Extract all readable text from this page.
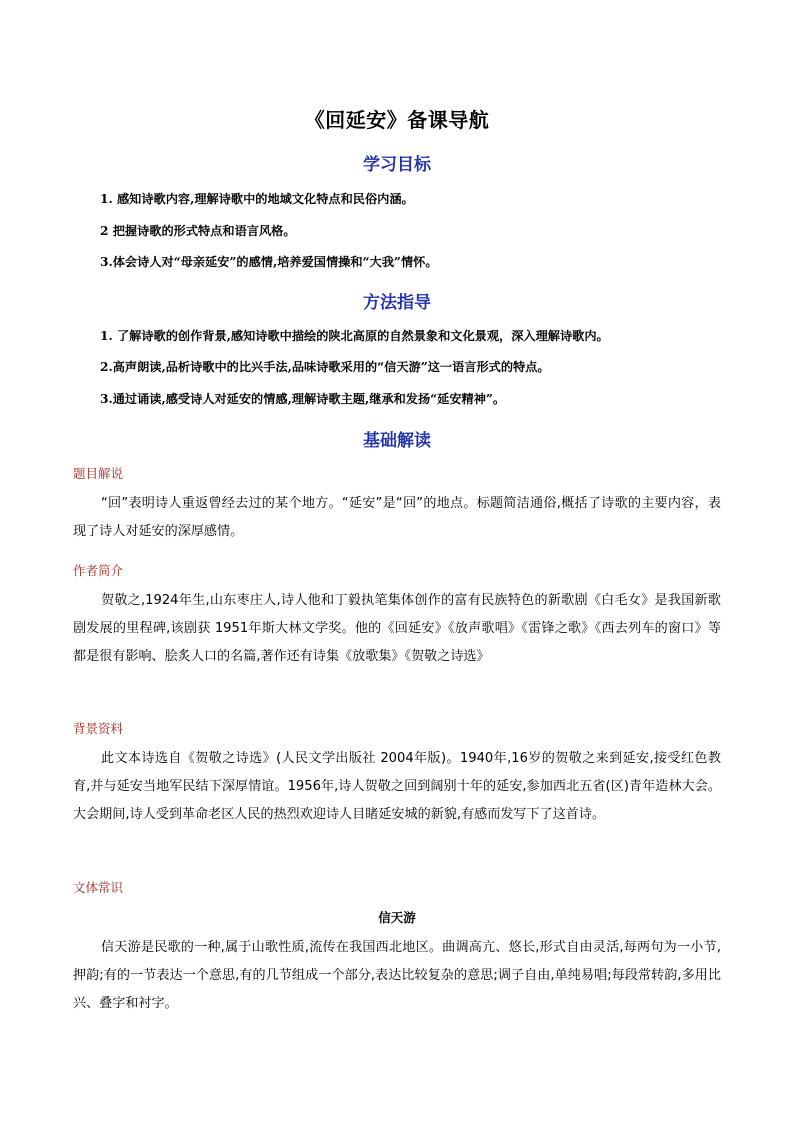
《回延安》备课导航
学习目标
1. 感知诗歌内容,理解诗歌中的地域文化特点和民俗内涵。
2 把握诗歌的形式特点和语言风格。
3.体会诗人对“母亲延安”的感情,培养爱国情操和“大我”情怀。
方法指导
1. 了解诗歌的创作背景,感知诗歌中描绘的陕北高原的自然景象和文化景观，深入理解诗歌内。
2.高声朗读,品析诗歌中的比兴手法,品味诗歌采用的“信天游”这一语言形式的特点。
3.通过诵读,感受诗人对延安的情感,理解诗歌主题,继承和发扬“延安精神”。
基础解读
题目解说
“回”表明诗人重返曾经去过的某个地方。“延安”是“回”的地点。标题简洁通俗,概括了诗歌的主要内容，表现了诗人对延安的深厚感情。
作者简介
贺敬之,1924年生,山东枣庄人,诗人他和丁毅执笔集体创作的富有民族特色的新歌剧《白毛女》是我国新歌剧发展的里程碑,该剧获 1951年斯大林文学奖。他的《回延安》《放声歌唱》《雷锋之歌》《西去列车的窗口》等都是很有影响、脍炙人口的名篇,著作还有诗集《放歌集》《贺敬之诗选》
背景资料
此文本诗选自《贺敬之诗选》(人民文学出版社 2004年版)。1940年,16岁的贺敬之来到延安,接受红色教育,并与延安当地军民结下深厚情谊。1956年,诗人贺敬之回到阔别十年的延安,参加西北五省(区)青年造林大会。大会期间,诗人受到革命老区人民的热烈欢迎诗人目睹延安城的新貌,有感而发写下了这首诗。
文体常识
信天游
信天游是民歌的一种,属于山歌性质,流传在我国西北地区。曲调高亢、悠长,形式自由灵活,每两句为一小节,押韵;有的一节表达一个意思,有的几节组成一个部分,表达比较复杂的意思;调子自由,单纯易唱;每段常转韵,多用比兴、叠字和衬字。
